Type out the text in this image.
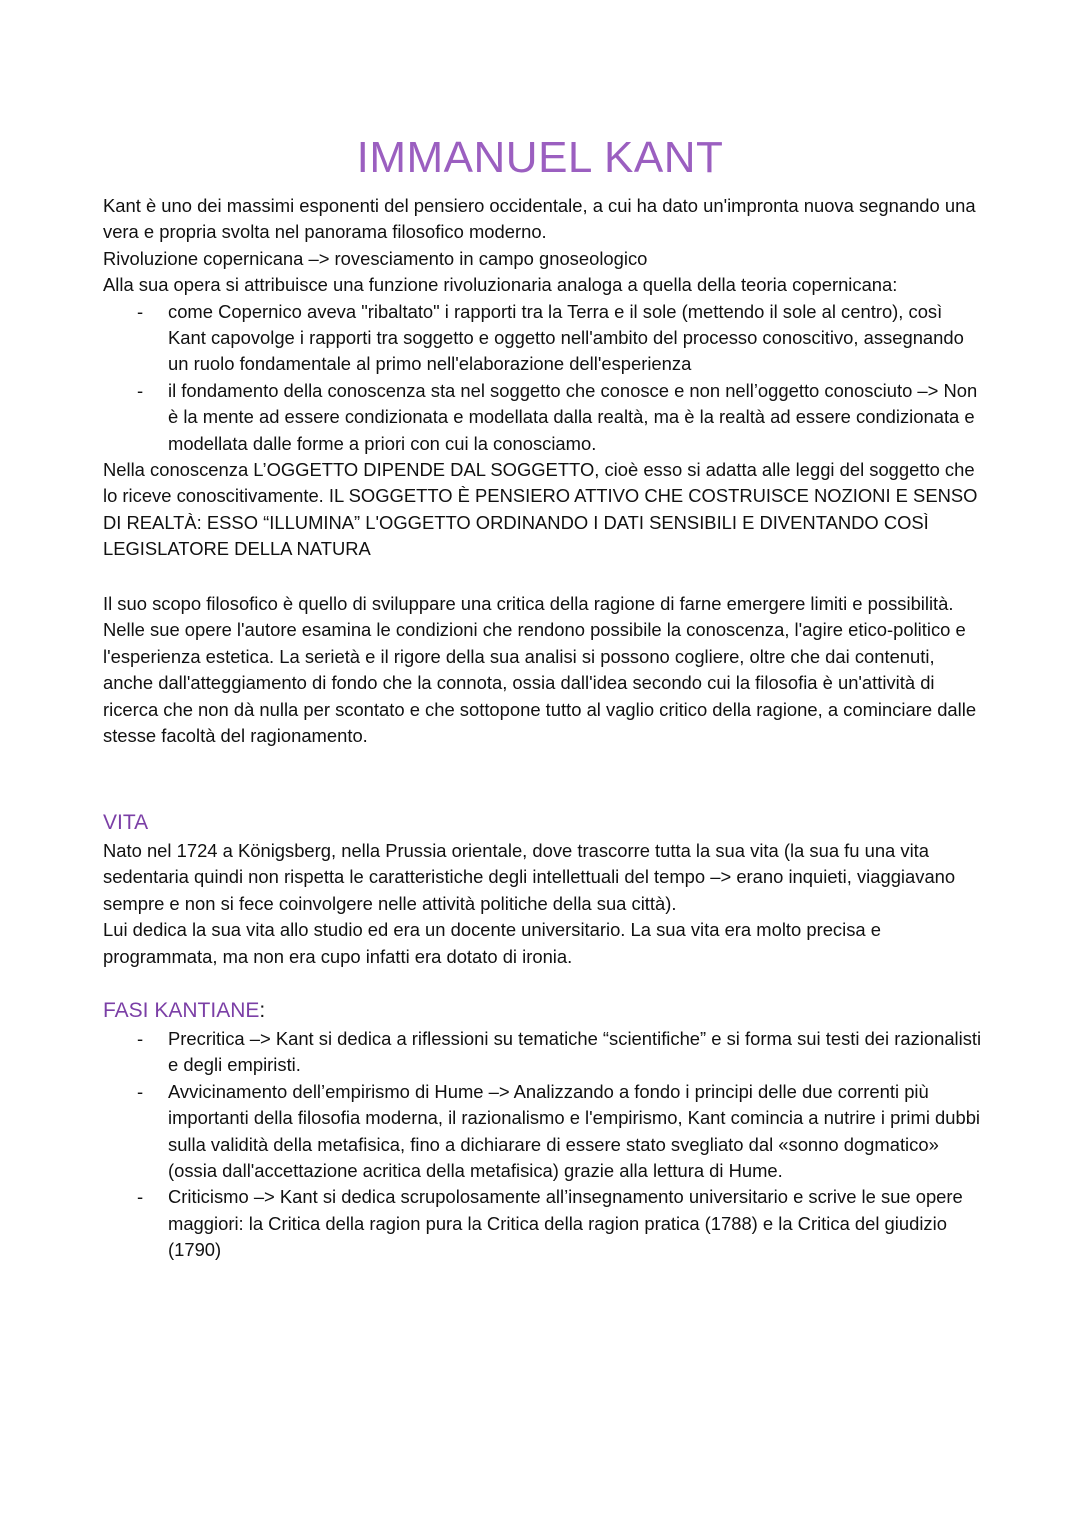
IMMANUEL KANT

Kant è uno dei massimi esponenti del pensiero occidentale, a cui ha dato un'impronta nuova segnando una vera e propria svolta nel panorama filosofico moderno.

Rivoluzione copernicana –> rovesciamento in campo gnoseologico

Alla sua opera si attribuisce una funzione rivoluzionaria analoga a quella della teoria copernicana:

- come Copernico aveva "ribaltato" i rapporti tra la Terra e il sole (mettendo il sole al centro), così Kant capovolge i rapporti tra soggetto e oggetto nell'ambito del processo conoscitivo, assegnando un ruolo fondamentale al primo nell'elaborazione dell'esperienza
- il fondamento della conoscenza sta nel soggetto che conosce e non nell’oggetto conosciuto –> Non è la mente ad essere condizionata e modellata dalla realtà, ma è la realtà ad essere condizionata e modellata dalle forme a priori con cui la conosciamo.

Nella conoscenza L’OGGETTO DIPENDE DAL SOGGETTO, cioè esso si adatta alle leggi del soggetto che lo riceve conoscitivamente. IL SOGGETTO È PENSIERO ATTIVO CHE COSTRUISCE NOZIONI E SENSO DI REALTÀ: ESSO “ILLUMINA” L'OGGETTO ORDINANDO I DATI SENSIBILI E DIVENTANDO COSÌ LEGISLATORE DELLA NATURA

Il suo scopo filosofico è quello di sviluppare una critica della ragione di farne emergere limiti e possibilità.

Nelle sue opere l'autore esamina le condizioni che rendono possibile la conoscenza, l'agire etico-politico e l'esperienza estetica. La serietà e il rigore della sua analisi si possono cogliere, oltre che dai contenuti, anche dall'atteggiamento di fondo che la connota, ossia dall'idea secondo cui la filosofia è un'attività di ricerca che non dà nulla per scontato e che sottopone tutto al vaglio critico della ragione, a cominciare dalle stesse facoltà del ragionamento.

VITA

Nato nel 1724 a Königsberg, nella Prussia orientale, dove trascorre tutta la sua vita (la sua fu una vita sedentaria quindi non rispetta le caratteristiche degli intellettuali del tempo –> erano inquieti, viaggiavano sempre e non si fece coinvolgere nelle attività politiche della sua città).

Lui dedica la sua vita allo studio ed era un docente universitario. La sua vita era molto precisa e programmata, ma non era cupo infatti era dotato di ironia.

FASI KANTIANE:
- Precritica –> Kant si dedica a riflessioni su tematiche “scientifiche” e si forma sui testi dei razionalisti e degli empiristi.
- Avvicinamento dell’empirismo di Hume –> Analizzando a fondo i principi delle due correnti più importanti della filosofia moderna, il razionalismo e l'empirismo, Kant comincia a nutrire i primi dubbi sulla validità della metafisica, fino a dichiarare di essere stato svegliato dal «sonno dogmatico» (ossia dall'accettazione acritica della metafisica) grazie alla lettura di Hume.
- Criticismo –> Kant si dedica scrupolosamente all’insegnamento universitario e scrive le sue opere maggiori: la Critica della ragion pura la Critica della ragion pratica (1788) e la Critica del giudizio (1790)
